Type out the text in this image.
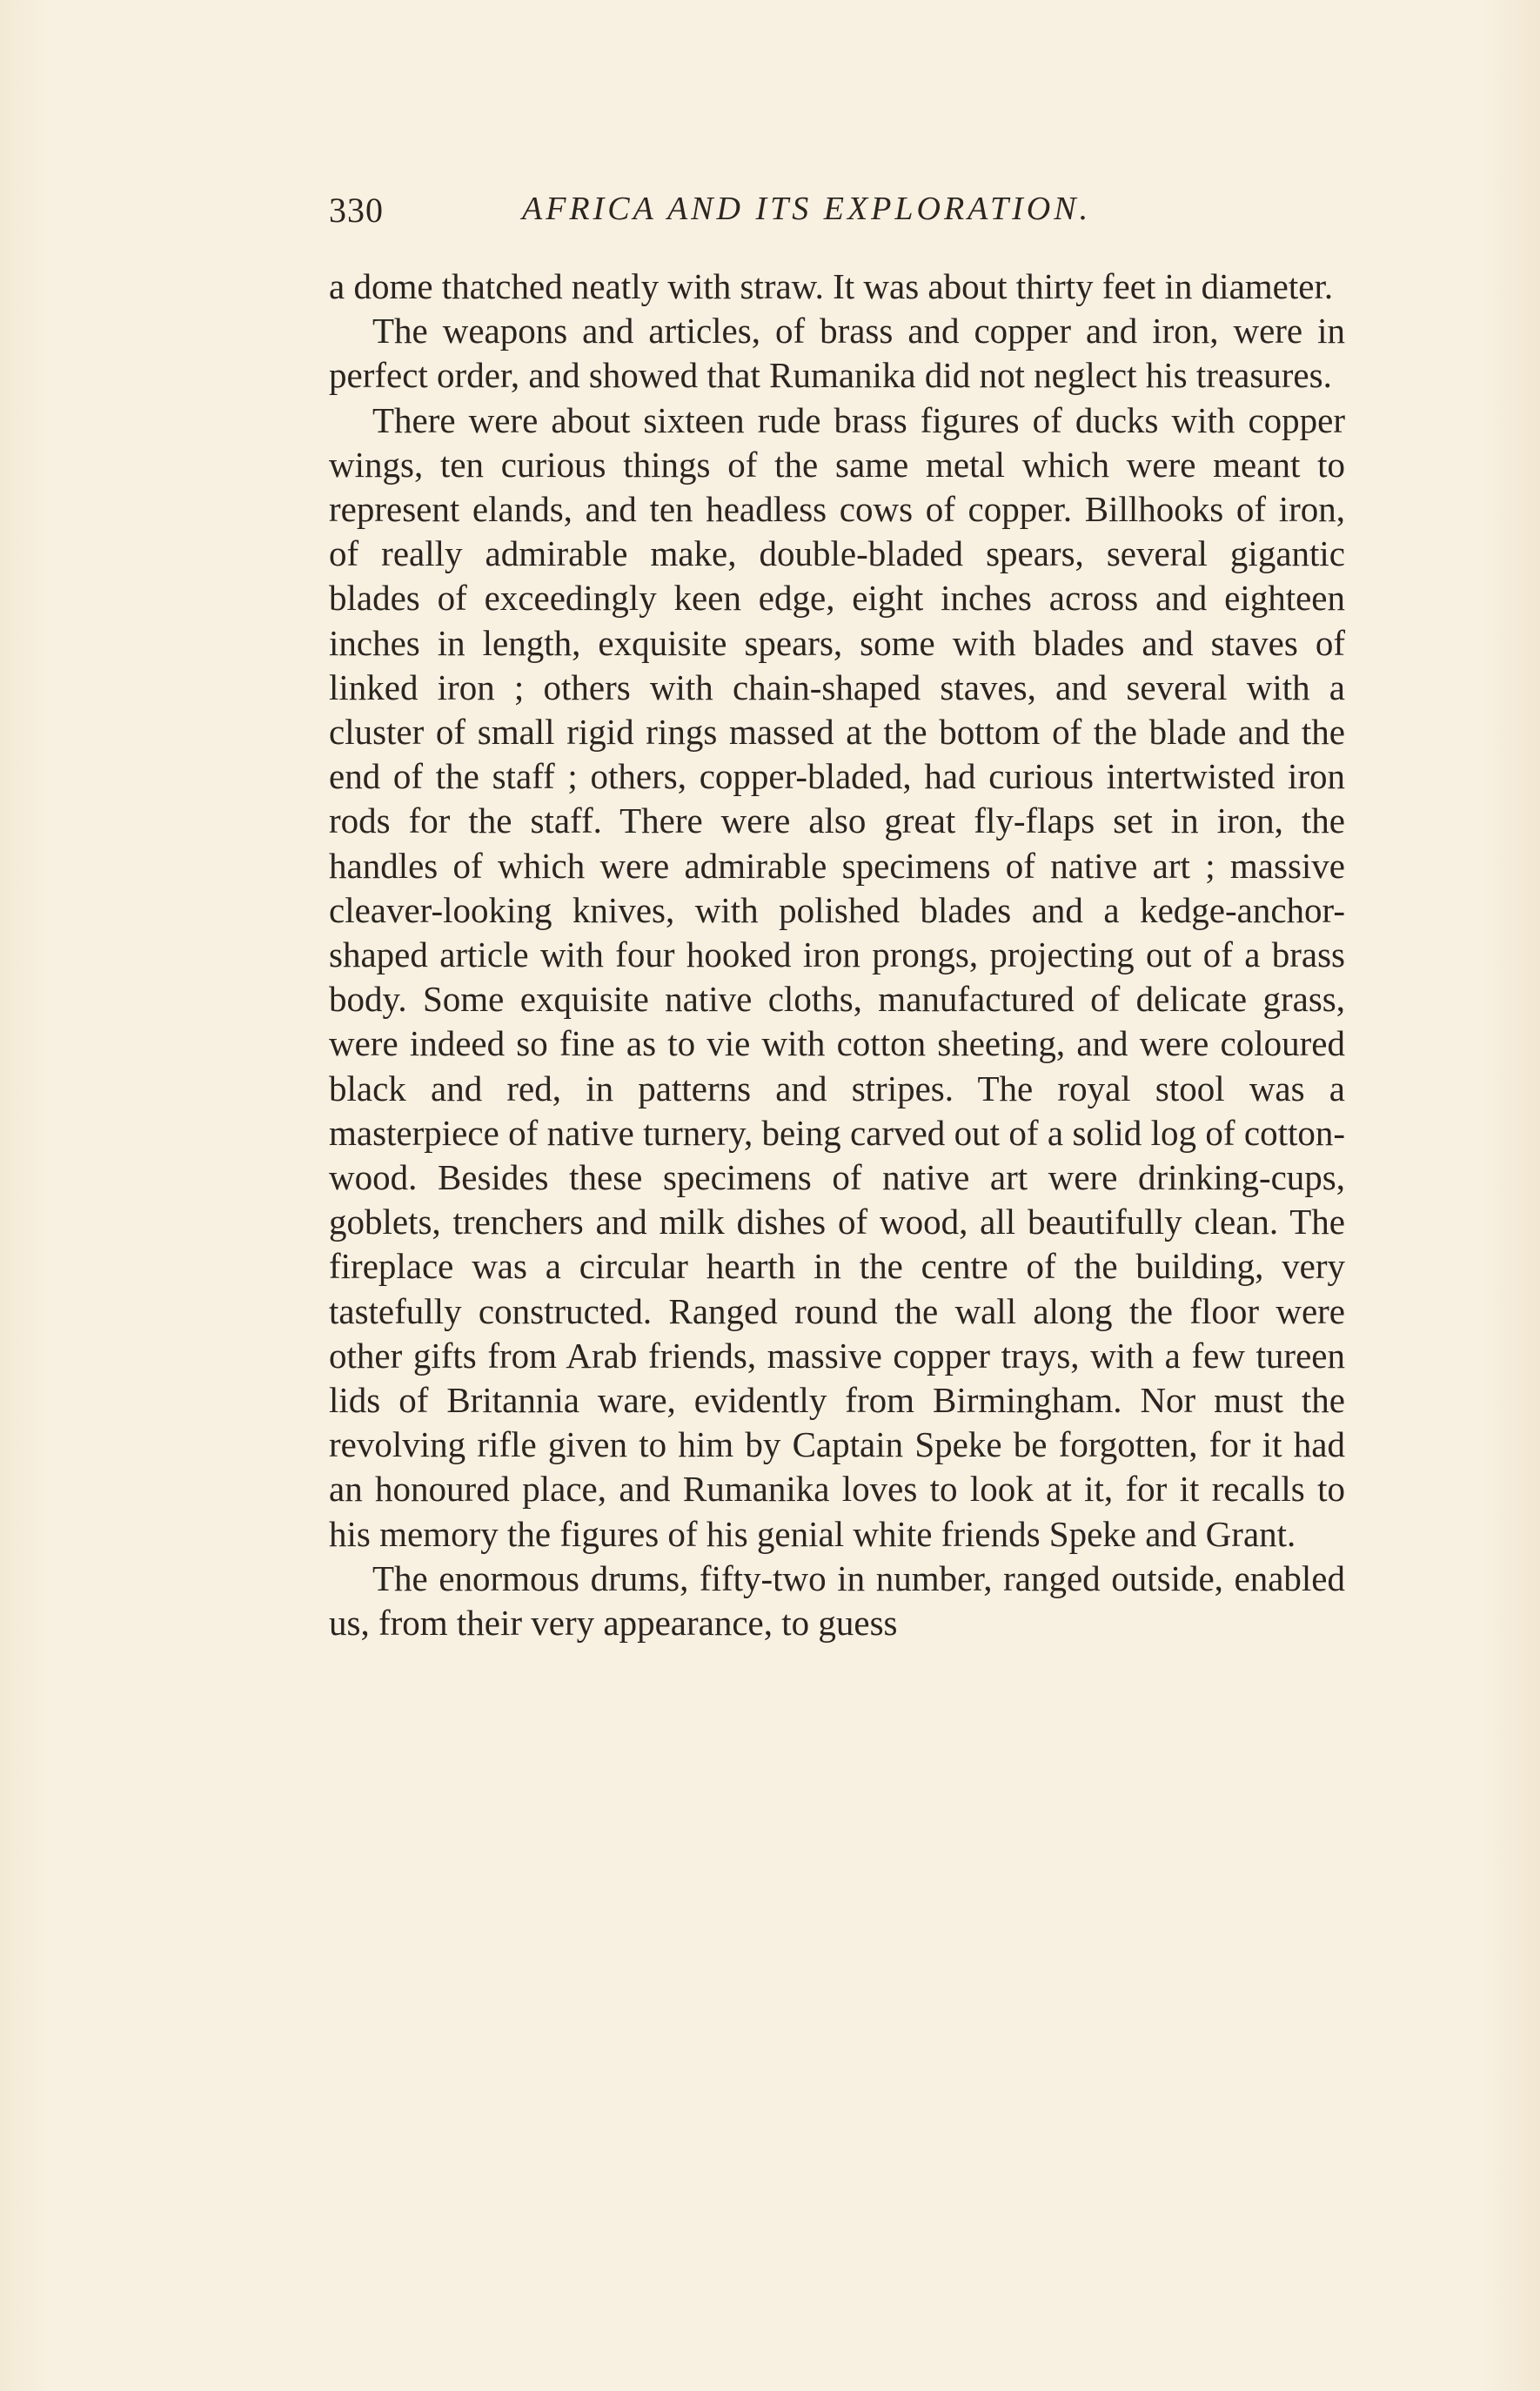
330	AFRICA AND ITS EXPLORATION.

a dome thatched neatly with straw. It was about thirty feet in diameter.

The weapons and articles, of brass and copper and iron, were in perfect order, and showed that Rumanika did not neglect his treasures.

There were about sixteen rude brass figures of ducks with copper wings, ten curious things of the same metal which were meant to represent elands, and ten headless cows of copper. Billhooks of iron, of really admirable make, double-bladed spears, several gigantic blades of exceedingly keen edge, eight inches across and eighteen inches in length, exquisite spears, some with blades and staves of linked iron ; others with chain-shaped staves, and several with a cluster of small rigid rings massed at the bottom of the blade and the end of the staff ; others, copper-bladed, had curious intertwisted iron rods for the staff. There were also great fly-flaps set in iron, the handles of which were admirable specimens of native art ; massive cleaver-looking knives, with polished blades and a kedge-anchor-shaped article with four hooked iron prongs, projecting out of a brass body. Some exquisite native cloths, manufactured of delicate grass, were indeed so fine as to vie with cotton sheeting, and were coloured black and red, in patterns and stripes. The royal stool was a masterpiece of native turnery, being carved out of a solid log of cotton-wood. Besides these specimens of native art were drinking-cups, goblets, trenchers and milk dishes of wood, all beautifully clean. The fireplace was a circular hearth in the centre of the building, very tastefully constructed. Ranged round the wall along the floor were other gifts from Arab friends, massive copper trays, with a few tureen lids of Britannia ware, evidently from Birmingham. Nor must the revolving rifle given to him by Captain Speke be forgotten, for it had an honoured place, and Rumanika loves to look at it, for it recalls to his memory the figures of his genial white friends Speke and Grant.

The enormous drums, fifty-two in number, ranged outside, enabled us, from their very appearance, to guess
